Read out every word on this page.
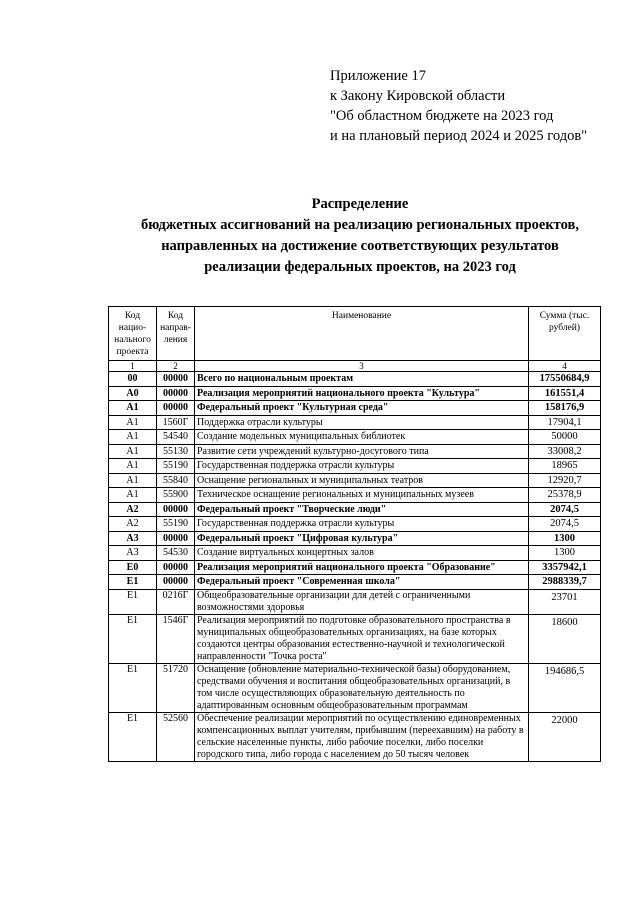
Приложение 17
к Закону Кировской области
"Об областном бюджете на 2023 год
и на плановый период 2024 и 2025 годов"
Распределение
бюджетных ассигнований на реализацию региональных проектов,
направленных на достижение соответствующих результатов
реализации федеральных проектов, на 2023 год
Код нацио-нального проекта	Код направ-ления	Наименование	Сумма (тыс. рублей)
1	2	3	4
00	00000	Всего по национальным проектам	17550684,9
А0	00000	Реализация мероприятий национального проекта "Культура"	161551,4
А1	00000	Федеральный проект "Культурная среда"	158176,9
А1	1560Г	Поддержка отрасли культуры	17904,1
А1	54540	Создание модельных муниципальных библиотек	50000
А1	55130	Развитие сети учреждений культурно-досугового типа	33008,2
А1	55190	Государственная поддержка отрасли культуры	18965
А1	55840	Оснащение региональных и муниципальных театров	12920,7
А1	55900	Техническое оснащение региональных и муниципальных музеев	25378,9
А2	00000	Федеральный проект "Творческие люди"	2074,5
А2	55190	Государственная поддержка отрасли культуры	2074,5
А3	00000	Федеральный проект "Цифровая культура"	1300
А3	54530	Создание виртуальных концертных залов	1300
Е0	00000	Реализация мероприятий национального проекта "Образование"	3357942,1
Е1	00000	Федеральный проект "Современная школа"	2988339,7
Е1	0216Г	Общеобразовательные организации для детей с ограниченными возможностями здоровья	23701
Е1	1546Г	Реализация мероприятий по подготовке образовательного пространства в муниципальных общеобразовательных организациях, на базе которых создаются центры образования естественно-научной и технологической направленности "Точка роста"	18600
Е1	51720	Оснащение (обновление материально-технической базы) оборудованием, средствами обучения и воспитания общеобразовательных организаций, в том числе осуществляющих образовательную деятельность по адаптированным основным общеобразовательным программам	194686,5
Е1	52560	Обеспечение реализации мероприятий по осуществлению единовременных компенсационных выплат учителям, прибывшим (переехавшим) на работу в сельские населенные пункты, либо рабочие поселки, либо поселки городского типа, либо города с населением до 50 тысяч человек	22000
